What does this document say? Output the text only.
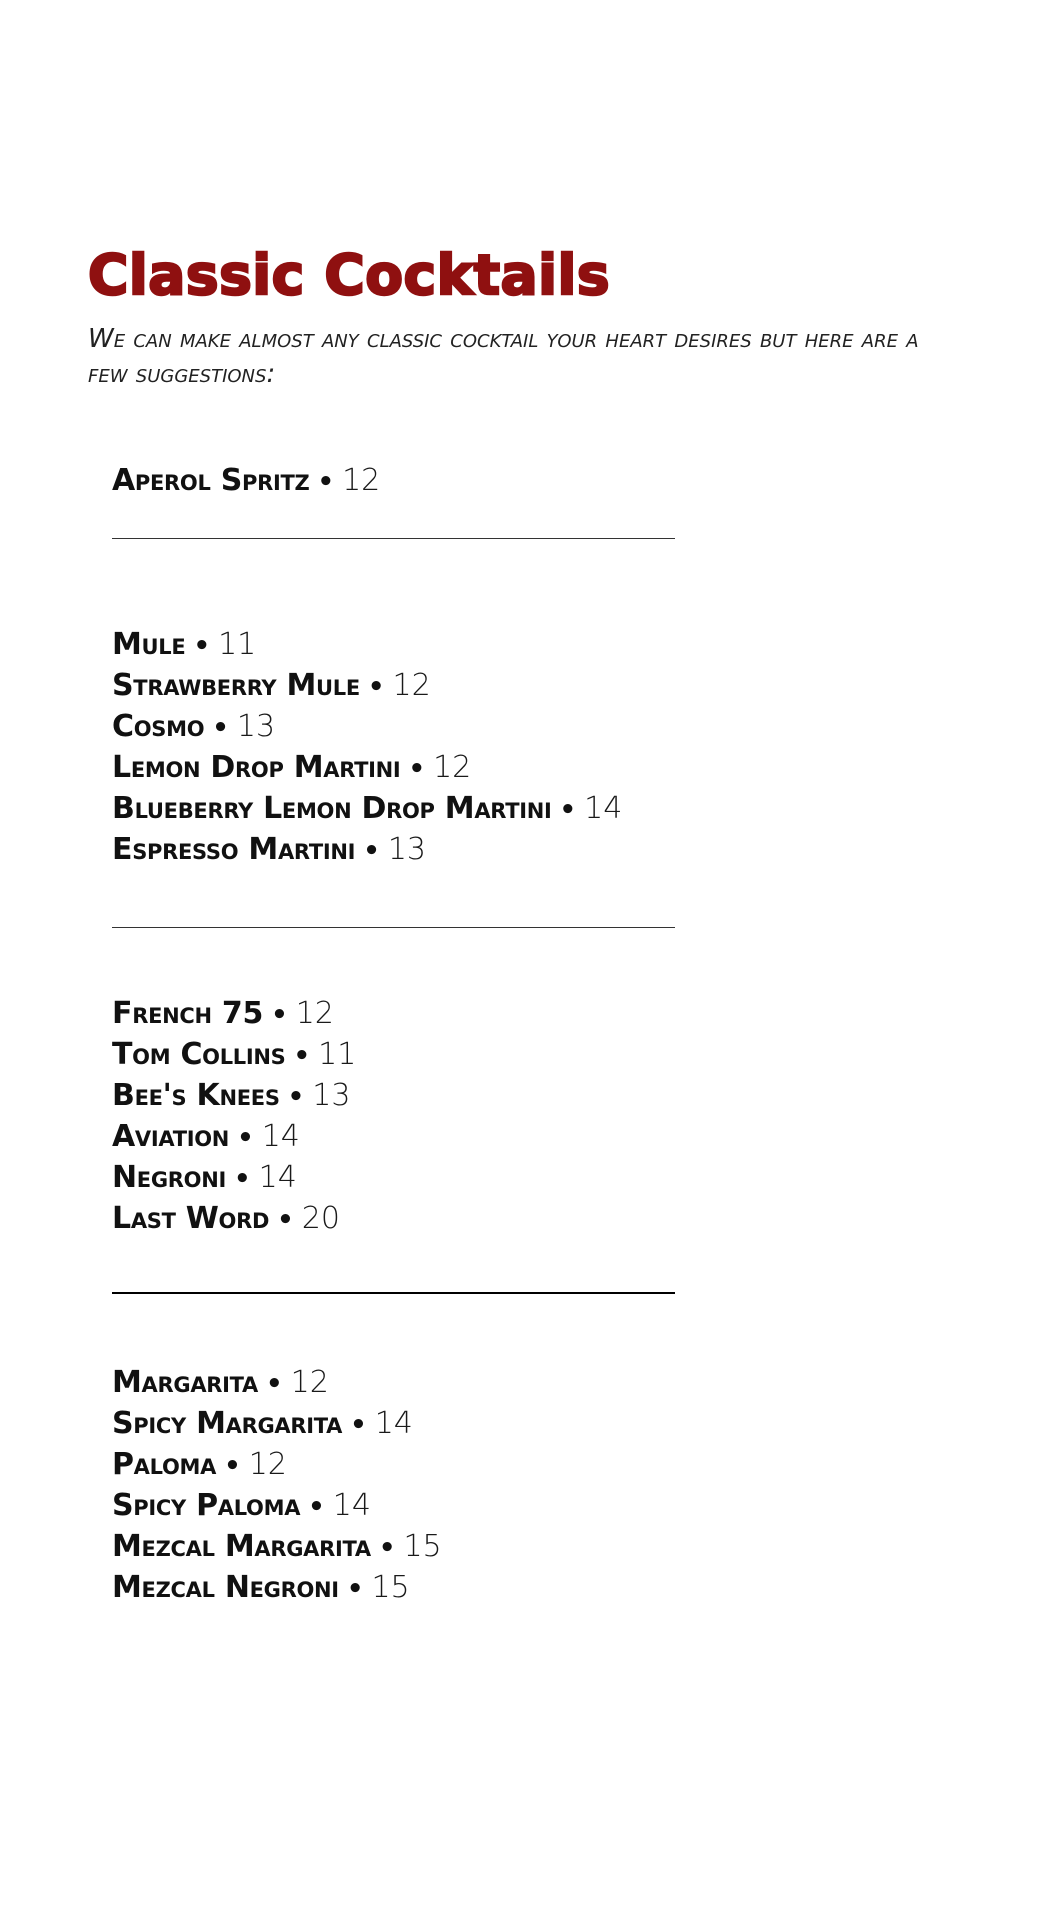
Classic Cocktails

We can make almost any classic cocktail your heart desires but here are a few suggestions:

Aperol Spritz • 12
Mule • 11
Strawberry Mule • 12
Cosmo • 13
Lemon Drop Martini • 12
Blueberry Lemon Drop Martini • 14
Espresso Martini • 13
French 75 • 12
Tom Collins • 11
Bee's Knees • 13
Aviation • 14
Negroni • 14
Last Word • 20
Margarita • 12
Spicy Margarita • 14
Paloma • 12
Spicy Paloma • 14
Mezcal Margarita • 15
Mezcal Negroni • 15
